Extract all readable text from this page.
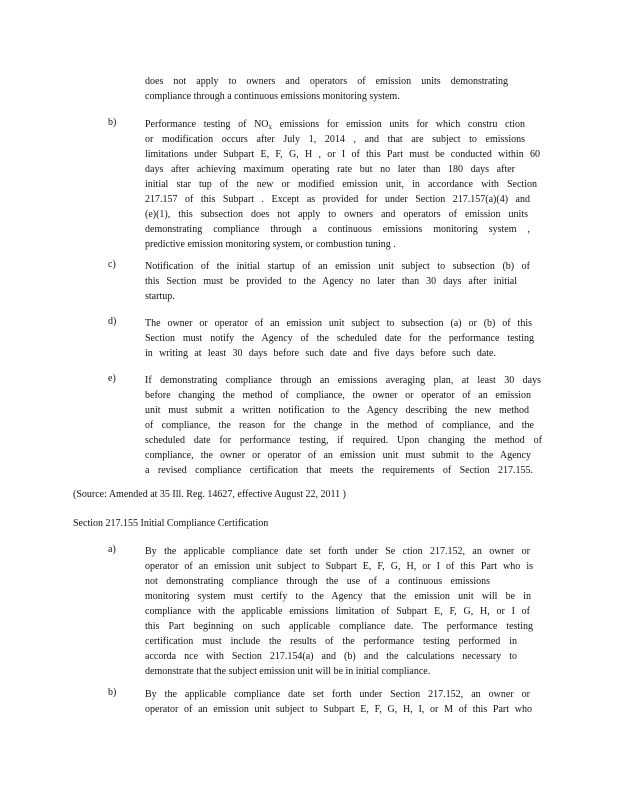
does not apply to owners and operators of emission units demonstrating
compliance through a continuous emissions monitoring system.
b)	Performance testing of $NO_x$ emissions for emission units for which constru ction
or modification occurs after July 1, 2014 , and that are subject to emissions
limitations under Subpart E, F, G, H , or I of this Part must be conducted within 60
days after achieving maximum operating rate but no later than 180 days after
initial star tup of the new or modified emission unit, in accordance with Section
217.157 of this Subpart . Except as provided for under Section 217.157(a)(4) and
(e)(1), this subsection does not apply to owners and operators of emission units
demonstrating compliance through a continuous emissions monitoring system ,
predictive emission monitoring system, or combustion tuning .
c)	Notification of the initial startup of an emission unit subject to subsection (b) of
this Section must be provided to the Agency no later than 30 days after initial
startup.
d)	The owner or operator of an emission unit subject to subsection (a) or (b) of this
Section must notify the Agency of the scheduled date for the performance testing
in writing at least 30 days before such date and five days before such date.
e)	If demonstrating compliance through an emissions averaging plan, at least 30 days
before changing the method of compliance, the owner or operator of an emission
unit must submit a written notification to the Agency describing the new method
of compliance, the reason for the change in the method of compliance, and the
scheduled date for performance testing, if required. Upon changing the method of
compliance, the owner or operator of an emission unit must submit to the Agency
a revised compliance certification that meets the requirements of Section 217.155.
(Source: Amended at 35 Ill. Reg. 14627, effective August 22, 2011 )
Section 217.155 Initial Compliance Certification
a)	By the applicable compliance date set forth under Se ction 217.152, an owner or
operator of an emission unit subject to Subpart E, F, G, H, or I of this Part who is
not demonstrating compliance through the use of a continuous emissions
monitoring system must certify to the Agency that the emission unit will be in
compliance with the applicable emissions limitation of Subpart E, F, G, H, or I of
this Part beginning on such applicable compliance date. The performance testing
certification must include the results of the performance testing performed in
accorda nce with Section 217.154(a) and (b) and the calculations necessary to
demonstrate that the subject emission unit will be in initial compliance.
b)	By the applicable compliance date set forth under Section 217.152, an owner or
operator of an emission unit subject to Subpart E, F, G, H, I, or M of this Part who
